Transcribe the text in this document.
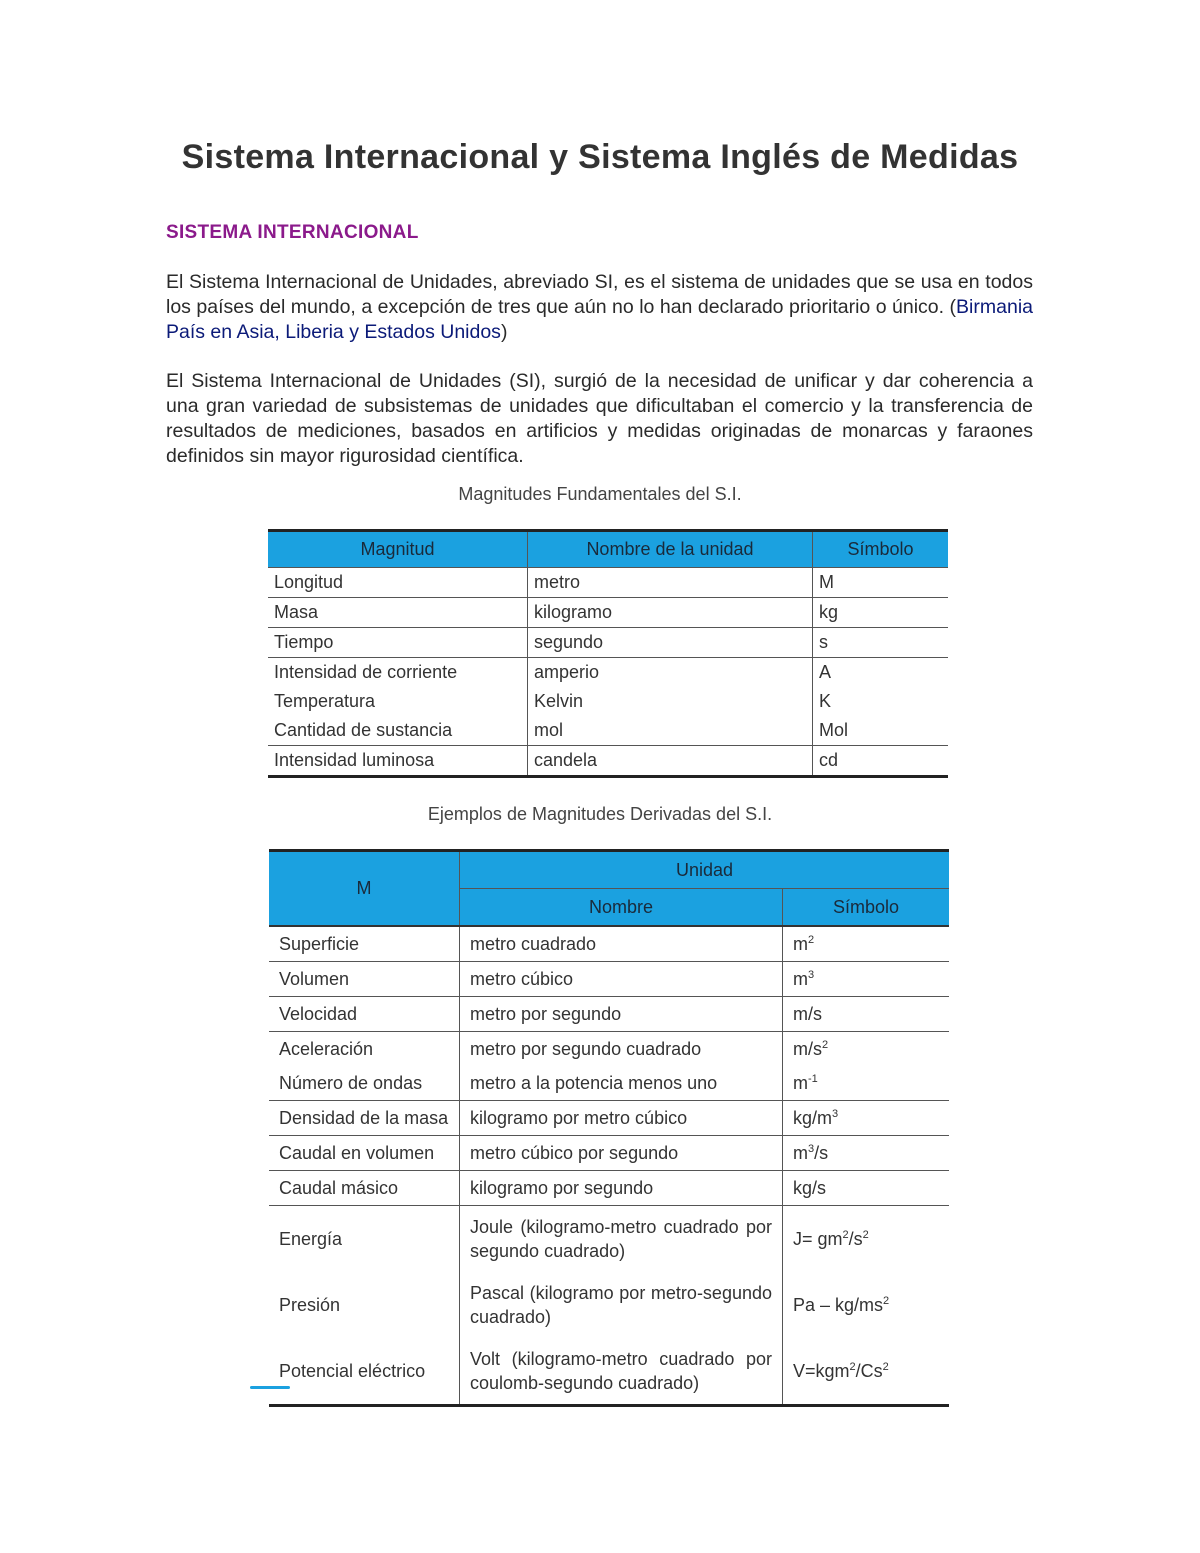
Sistema Internacional y Sistema Inglés de Medidas

SISTEMA INTERNACIONAL

El Sistema Internacional de Unidades, abreviado SI, es el sistema de unidades que se usa en todos los países del mundo, a excepción de tres que aún no lo han declarado prioritario o único. (Birmania País en Asia, Liberia y Estados Unidos)

El Sistema Internacional de Unidades (SI), surgió de la necesidad de unificar y dar coherencia a una gran variedad de subsistemas de unidades que dificultaban el comercio y la transferencia de resultados de mediciones, basados en artificios y medidas originadas de monarcas y faraones definidos sin mayor rigurosidad científica.

Magnitudes Fundamentales del S.I.

Magnitud	Nombre de la unidad	Símbolo
Longitud	metro	M
Masa	kilogramo	kg
Tiempo	segundo	s
Intensidad de corriente	amperio	A
Temperatura	Kelvin	K
Cantidad de sustancia	mol	Mol
Intensidad luminosa	candela	cd

Ejemplos de Magnitudes Derivadas del S.I.

M	Unidad	
	Nombre	Símbolo
Superficie	metro cuadrado	$m^2$
Volumen	metro cúbico	$m^3$
Velocidad	metro por segundo	m/s
Aceleración	metro por segundo cuadrado	$m/s^2$
Número de ondas	metro a la potencia menos uno	$m^{-1}$
Densidad de la masa	kilogramo por metro cúbico	$kg/m^3$
Caudal en volumen	metro cúbico por segundo	$m^3/s$
Caudal másico	kilogramo por segundo	kg/s
Energía	Joule (kilogramo-metro cuadrado por segundo cuadrado)	$J= gm^2/s^2$
Presión	Pascal (kilogramo por metro-segundo cuadrado)	Pa – $kg/ms^2$
Potencial eléctrico	Volt (kilogramo-metro cuadrado por coulomb-segundo cuadrado)	$V=kgm^2/Cs^2$
